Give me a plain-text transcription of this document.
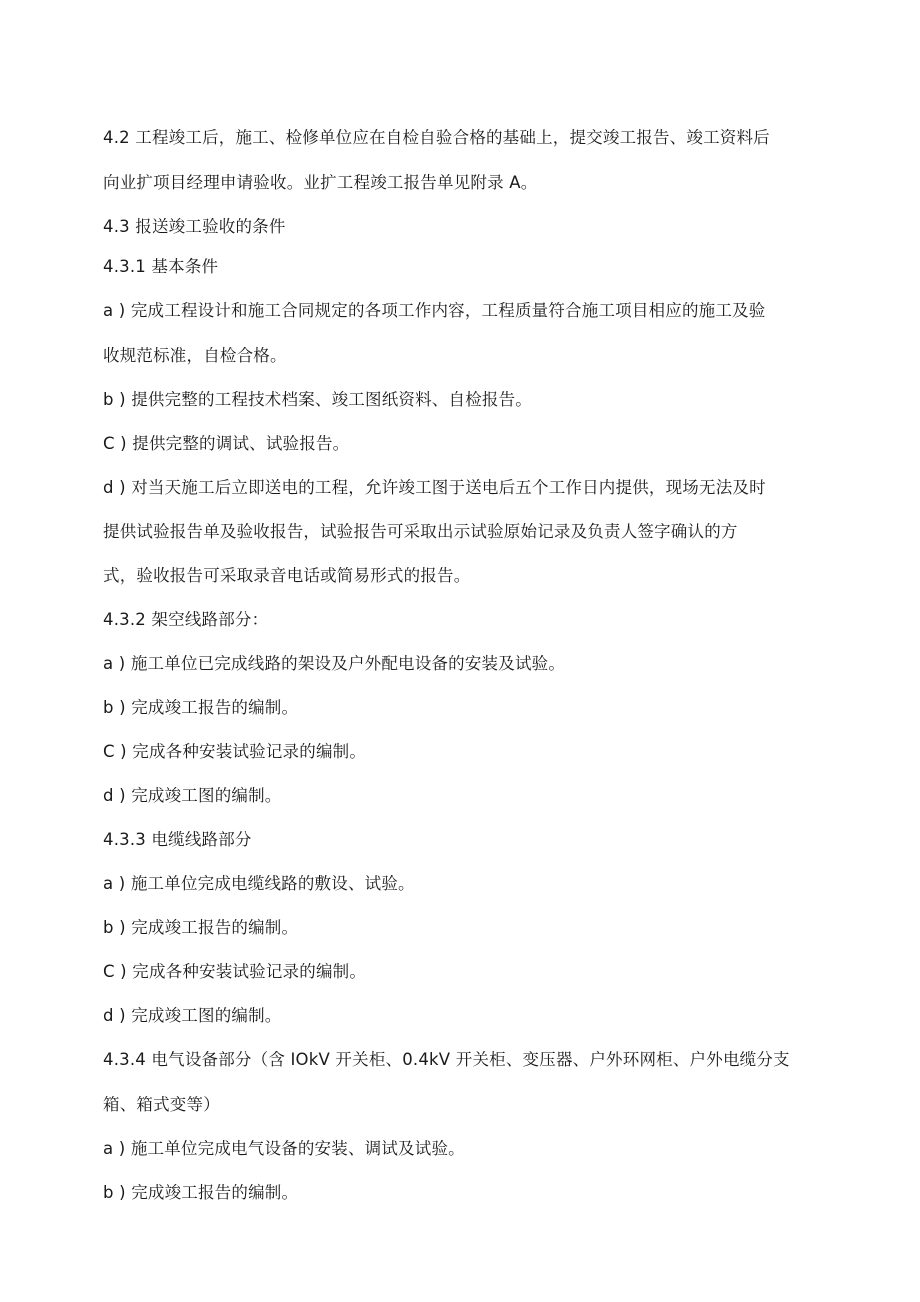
4.2 工程竣工后，施工、检修单位应在自检自验合格的基础上，提交竣工报告、竣工资料后

向业扩项目经理申请验收。业扩工程竣工报告单见附录 A。

4.3 报送竣工验收的条件

4.3.1 基本条件

a ) 完成工程设计和施工合同规定的各项工作内容，工程质量符合施工项目相应的施工及验

收规范标准，自检合格。

b ) 提供完整的工程技术档案、竣工图纸资料、自检报告。

C ) 提供完整的调试、试验报告。

d ) 对当天施工后立即送电的工程，允许竣工图于送电后五个工作日内提供，现场无法及时

提供试验报告单及验收报告，试验报告可采取出示试验原始记录及负责人签字确认的方

式，验收报告可采取录音电话或简易形式的报告。

4.3.2 架空线路部分：

a ) 施工单位已完成线路的架设及户外配电设备的安装及试验。

b ) 完成竣工报告的编制。

C ) 完成各种安装试验记录的编制。

d ) 完成竣工图的编制。

4.3.3 电缆线路部分

a ) 施工单位完成电缆线路的敷设、试验。

b ) 完成竣工报告的编制。

C ) 完成各种安装试验记录的编制。

d ) 完成竣工图的编制。

4.3.4 电气设备部分（含 IOkV 开关柜、0.4kV 开关柜、变压器、户外环网柜、户外电缆分支

箱、箱式变等）

a ) 施工单位完成电气设备的安装、调试及试验。

b ) 完成竣工报告的编制。
